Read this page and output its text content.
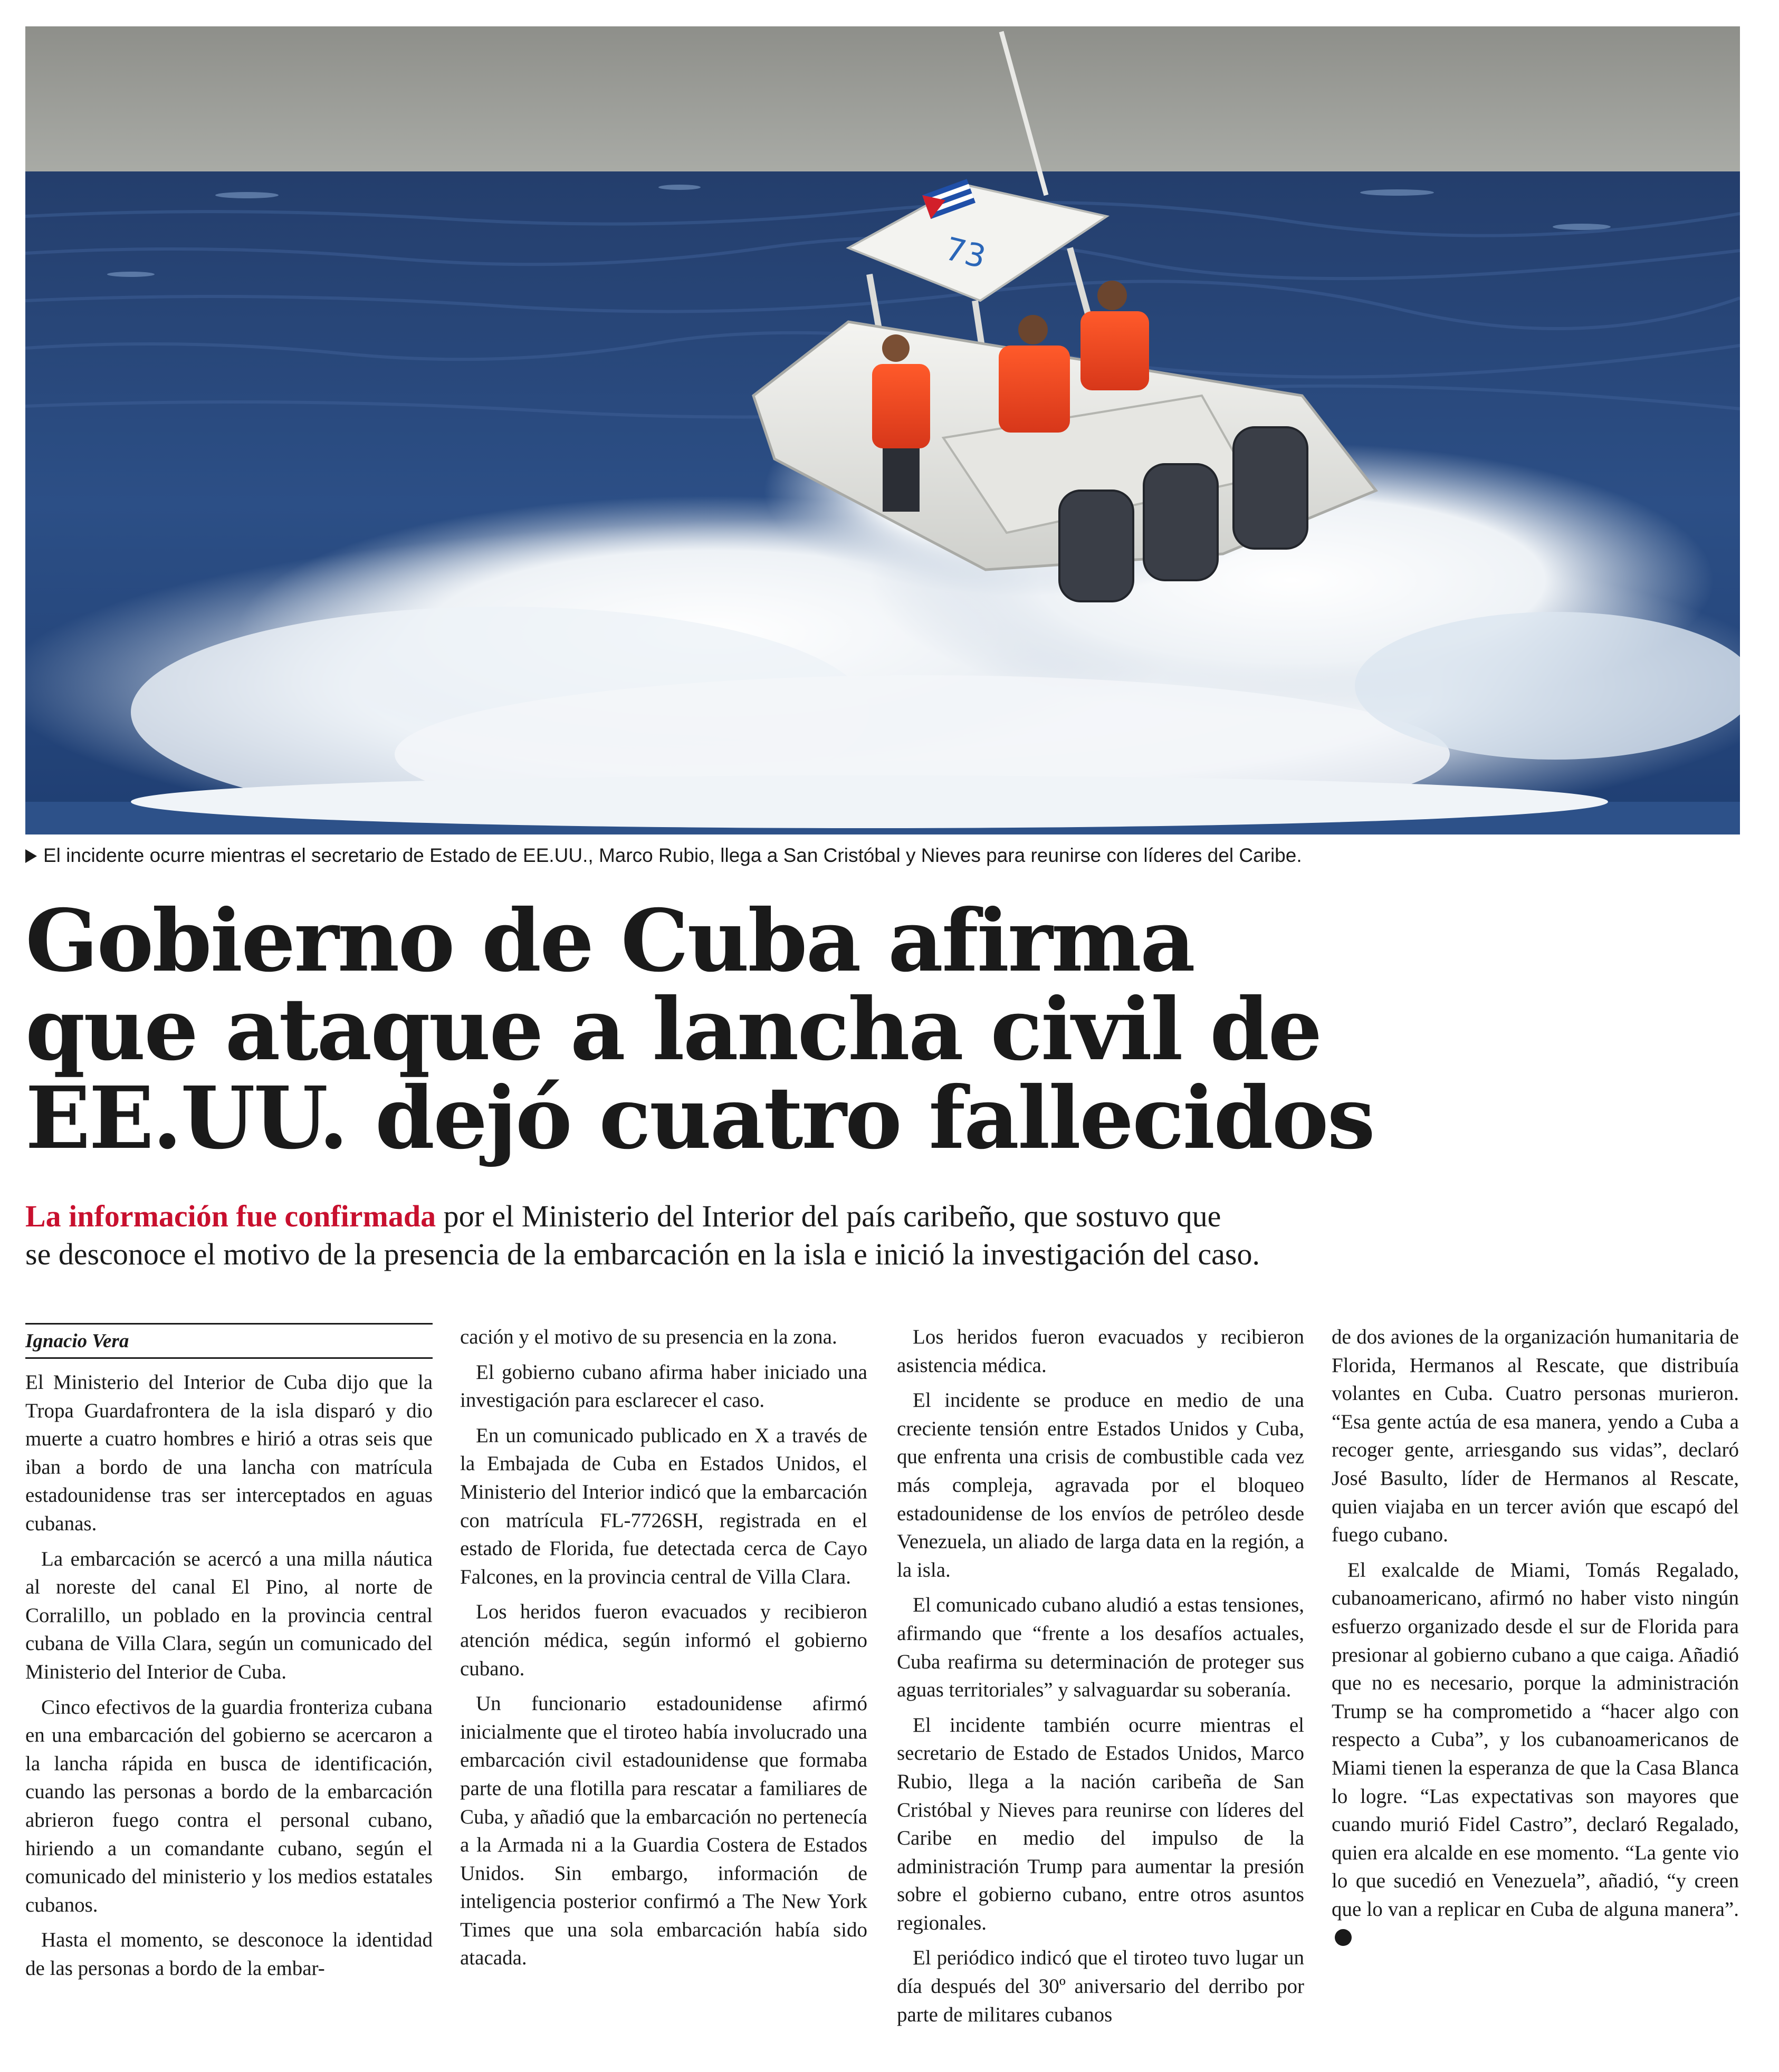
73
El incidente ocurre mientras el secretario de Estado de EE.UU., Marco Rubio, llega a San Cristóbal y Nieves para reunirse con líderes del Caribe.
Gobierno de Cuba afirma
que ataque a lancha civil de
EE.UU. dejó cuatro fallecidos
La información fue confirmada por el Ministerio del Interior del país caribeño, que sostuvo que
se desconoce el motivo de la presencia de la embarcación en la isla e inició la investigación del caso.
Ignacio Vera

El Ministerio del Interior de Cuba dijo que la Tropa Guardafrontera de la isla disparó y dio muerte a cuatro hombres e hirió a otras seis que iban a bordo de una lancha con matrícula estadounidense tras ser interceptados en aguas cubanas.

La embarcación se acercó a una milla náutica al noreste del canal El Pino, al norte de Corralillo, un poblado en la provincia central cubana de Villa Clara, según un comunicado del Ministerio del Interior de Cuba.

Cinco efectivos de la guardia fronteriza cubana en una embarcación del gobierno se acercaron a la lancha rápida en busca de identificación, cuando las personas a bordo de la embarcación abrieron fuego contra el personal cubano, hiriendo a un comandante cubano, según el comunicado del ministerio y los medios estatales cubanos.

Hasta el momento, se desconoce la identidad de las personas a bordo de la embar-

cación y el motivo de su presencia en la zona.

El gobierno cubano afirma haber iniciado una investigación para esclarecer el caso.

En un comunicado publicado en X a través de la Embajada de Cuba en Estados Unidos, el Ministerio del Interior indicó que la embarcación con matrícula FL-7726SH, registrada en el estado de Florida, fue detectada cerca de Cayo Falcones, en la provincia central de Villa Clara.

Los heridos fueron evacuados y recibieron atención médica, según informó el gobierno cubano.

Un funcionario estadounidense afirmó inicialmente que el tiroteo había involucrado una embarcación civil estadounidense que formaba parte de una flotilla para rescatar a familiares de Cuba, y añadió que la embarcación no pertenecía a la Armada ni a la Guardia Costera de Estados Unidos. Sin embargo, información de inteligencia posterior confirmó a The New York Times que una sola embarcación había sido atacada.

Los heridos fueron evacuados y recibieron asistencia médica.

El incidente se produce en medio de una creciente tensión entre Estados Unidos y Cuba, que enfrenta una crisis de combustible cada vez más compleja, agravada por el bloqueo estadounidense de los envíos de petróleo desde Venezuela, un aliado de larga data en la región, a la isla.

El comunicado cubano aludió a estas tensiones, afirmando que “frente a los desafíos actuales, Cuba reafirma su determinación de proteger sus aguas territoriales” y salvaguardar su soberanía.

El incidente también ocurre mientras el secretario de Estado de Estados Unidos, Marco Rubio, llega a la nación caribeña de San Cristóbal y Nieves para reunirse con líderes del Caribe en medio del impulso de la administración Trump para aumentar la presión sobre el gobierno cubano, entre otros asuntos regionales.

El periódico indicó que el tiroteo tuvo lugar un día después del 30º aniversario del derribo por parte de militares cubanos

de dos aviones de la organización humanitaria de Florida, Hermanos al Rescate, que distribuía volantes en Cuba. Cuatro personas murieron. “Esa gente actúa de esa manera, yendo a Cuba a recoger gente, arriesgando sus vidas”, declaró José Basulto, líder de Hermanos al Rescate, quien viajaba en un tercer avión que escapó del fuego cubano.

El exalcalde de Miami, Tomás Regalado, cubanoamericano, afirmó no haber visto ningún esfuerzo organizado desde el sur de Florida para presionar al gobierno cubano a que caiga. Añadió que no es necesario, porque la administración Trump se ha comprometido a “hacer algo con respecto a Cuba”, y los cubanoamericanos de Miami tienen la esperanza de que la Casa Blanca lo logre. “Las expectativas son mayores que cuando murió Fidel Castro”, declaró Regalado, quien era alcalde en ese momento. “La gente vio lo que sucedió en Venezuela”, añadió, “y creen que lo van a replicar en Cuba de alguna manera”.
